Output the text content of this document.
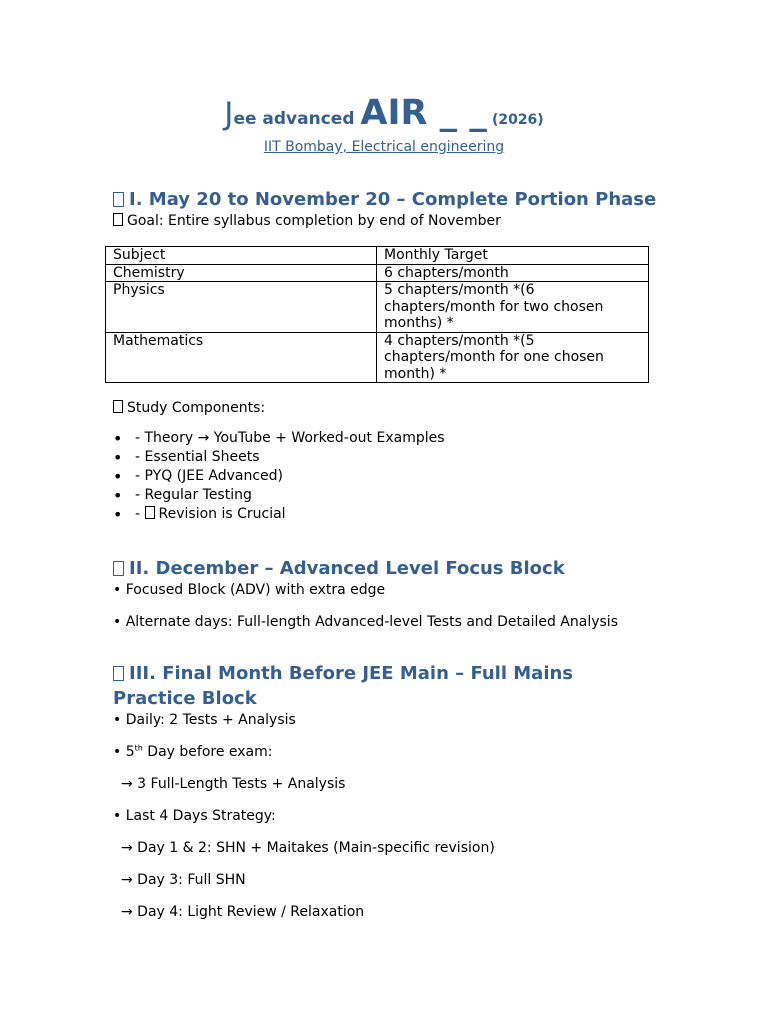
Jee advanced AIR _ _ (2026)
IIT Bombay, Electrical engineering
I. May 20 to November 20 – Complete Portion Phase
Goal: Entire syllabus completion by end of November
Subject	Monthly Target
Chemistry	6 chapters/month
Physics	5 chapters/month *(6 chapters/month for two chosen months) *
Mathematics	4 chapters/month *(5 chapters/month for one chosen month) *
Study Components:
• - Theory → YouTube + Worked-out Examples
• - Essential Sheets
• - PYQ (JEE Advanced)
• - Regular Testing
• - Revision is Crucial
II. December – Advanced Level Focus Block
• Focused Block (ADV) with extra edge
• Alternate days: Full-length Advanced-level Tests and Detailed Analysis
III. Final Month Before JEE Main – Full Mains Practice Block
• Daily: 2 Tests + Analysis
• 5th Day before exam:
→ 3 Full-Length Tests + Analysis
• Last 4 Days Strategy:
→ Day 1 & 2: SHN + Maitakes (Main-specific revision)
→ Day 3: Full SHN
→ Day 4: Light Review / Relaxation
